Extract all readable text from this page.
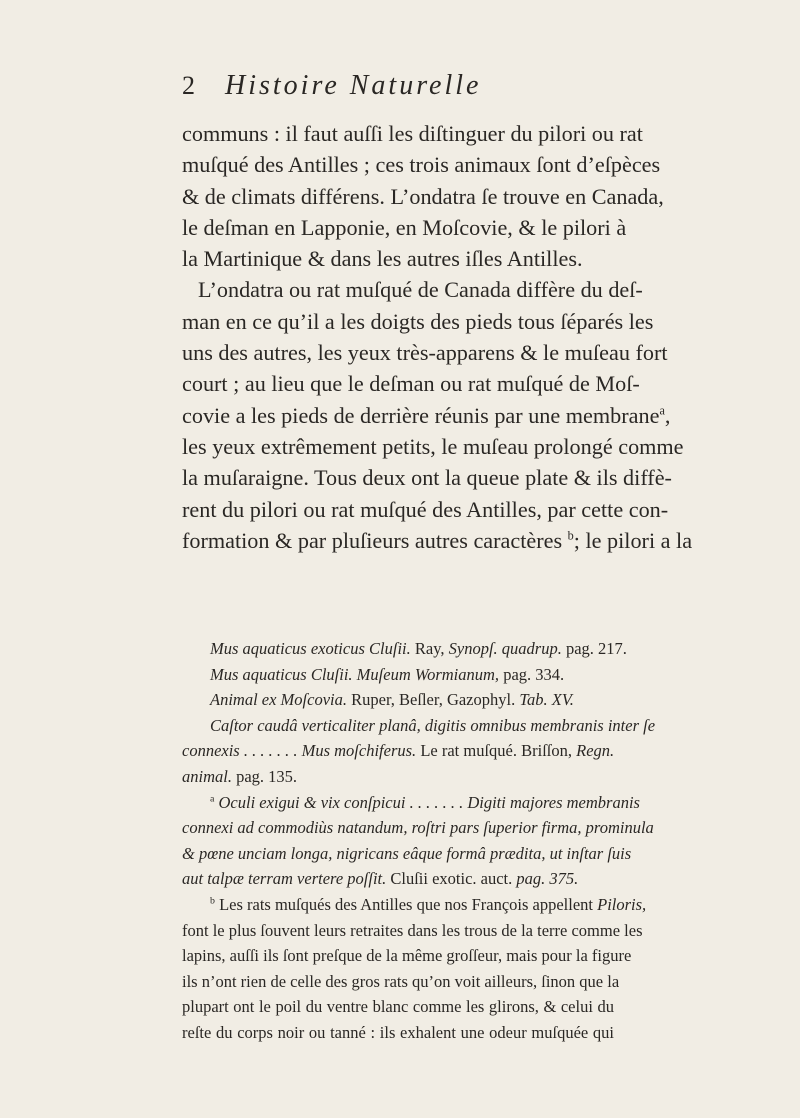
2 Histoire Naturelle
communs : il faut auſſi les diſtinguer du pilori ou rat
muſqué des Antilles ; ces trois animaux ſont d’eſpèces
& de climats différens. L’ondatra ſe trouve en Canada,
le deſman en Lapponie, en Moſcovie, & le pilori à
la Martinique & dans les autres iſles Antilles.
L’ondatra ou rat muſqué de Canada diffère du deſ-
man en ce qu’il a les doigts des pieds tous ſéparés les
uns des autres, les yeux très-apparens & le muſeau fort
court ; au lieu que le deſman ou rat muſqué de Moſ-
covie a les pieds de derrière réunis par une membrane$^a$,
les yeux extrêmement petits, le muſeau prolongé comme
la muſaraigne. Tous deux ont la queue plate & ils diffè-
rent du pilori ou rat muſqué des Antilles, par cette con-
formation & par pluſieurs autres caractères $^b$; le pilori a la
Mus aquaticus exoticus Cluſii. Ray, Synopſ. quadrup. pag. 217.
Mus aquaticus Cluſii. Muſeum Wormianum, pag. 334.
Animal ex Moſcovia. Ruper, Beſler, Gazophyl. Tab. XV.
Caſtor caudâ verticaliter planâ, digitis omnibus membranis inter ſe
connexis . . . . . . . Mus moſchiferus. Le rat muſqué. Briſſon, Regn.
animal. pag. 135.
$^a$ Oculi exigui & vix conſpicui . . . . . . . Digiti majores membranis
connexi ad commodiùs natandum, roſtri pars ſuperior firma, prominula
& pœne unciam longa, nigricans eâque formâ prædita, ut inſtar ſuis
aut talpæ terram vertere poſſit. Cluſii exotic. auct. pag. 375.
$^b$ Les rats muſqués des Antilles que nos François appellent Piloris,
font le plus ſouvent leurs retraites dans les trous de la terre comme les
lapins, auſſi ils ſont preſque de la même groſſeur, mais pour la figure
ils n’ont rien de celle des gros rats qu’on voit ailleurs, ſinon que la
plupart ont le poil du ventre blanc comme les glirons, & celui du
reſte du corps noir ou tanné : ils exhalent une odeur muſquée qui
